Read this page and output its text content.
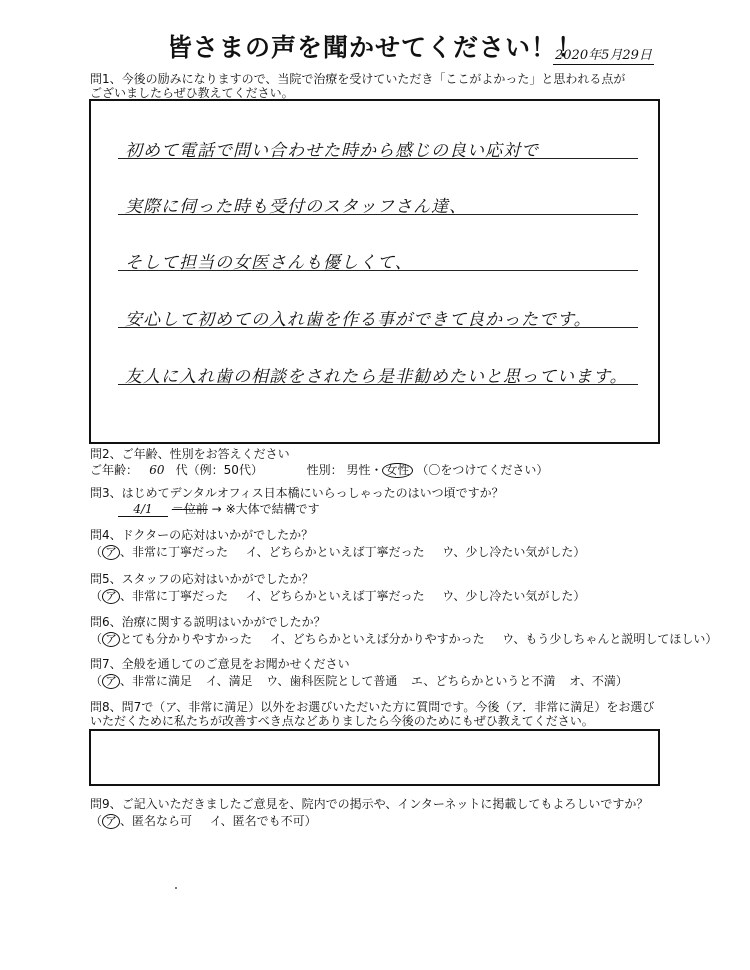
皆さまの声を聞かせてください！！
2020年5月29日
問1、今後の励みになりますので、当院で治療を受けていただき「ここがよかった」と思われる点が
ございましたらぜひ教えてください。
初めて電話で問い合わせた時から感じの良い応対で
実際に伺った時も受付のスタッフさん達、
そして担当の女医さんも優しくて、
安心して初めての入れ歯を作る事ができて良かったです。
友人に入れ歯の相談をされたら是非勧めたいと思っています。
問2、ご年齢、性別をお答えください
ご年齢： 60 代（例：50代）	性別： 男性・ 女性 （〇をつけてください）
問3、はじめてデンタルオフィス日本橋にいらっしゃったのはいつ頃ですか？
4/1 ＝位前 → ※大体で結構です
問4、ドクターの応対はいかがでしたか？
（ ア 、非常に丁寧だった イ、どちらかといえば丁寧だった ウ、少し冷たい気がした）
問5、スタッフの応対はいかがでしたか？
（ ア 、非常に丁寧だった イ、どちらかといえば丁寧だった ウ、少し冷たい気がした）
問6、治療に関する説明はいかがでしたか？
（ ア とても分かりやすかった イ、どちらかといえば分かりやすかった ウ、もう少しちゃんと説明してほしい）
問7、全般を通してのご意見をお聞かせください
（ ア 、非常に満足 イ、満足 ウ、歯科医院として普通 エ、どちらかというと不満 オ、不満）
問8、問7で（ア、非常に満足）以外をお選びいただいた方に質問です。今後（ア．非常に満足）をお選び
いただくために私たちが改善すべき点などありましたら今後のためにもぜひ教えてください。
問9、ご記入いただきましたご意見を、院内での掲示や、インターネットに掲載してもよろしいですか？
（ ア 、匿名なら可 イ、匿名でも不可）
